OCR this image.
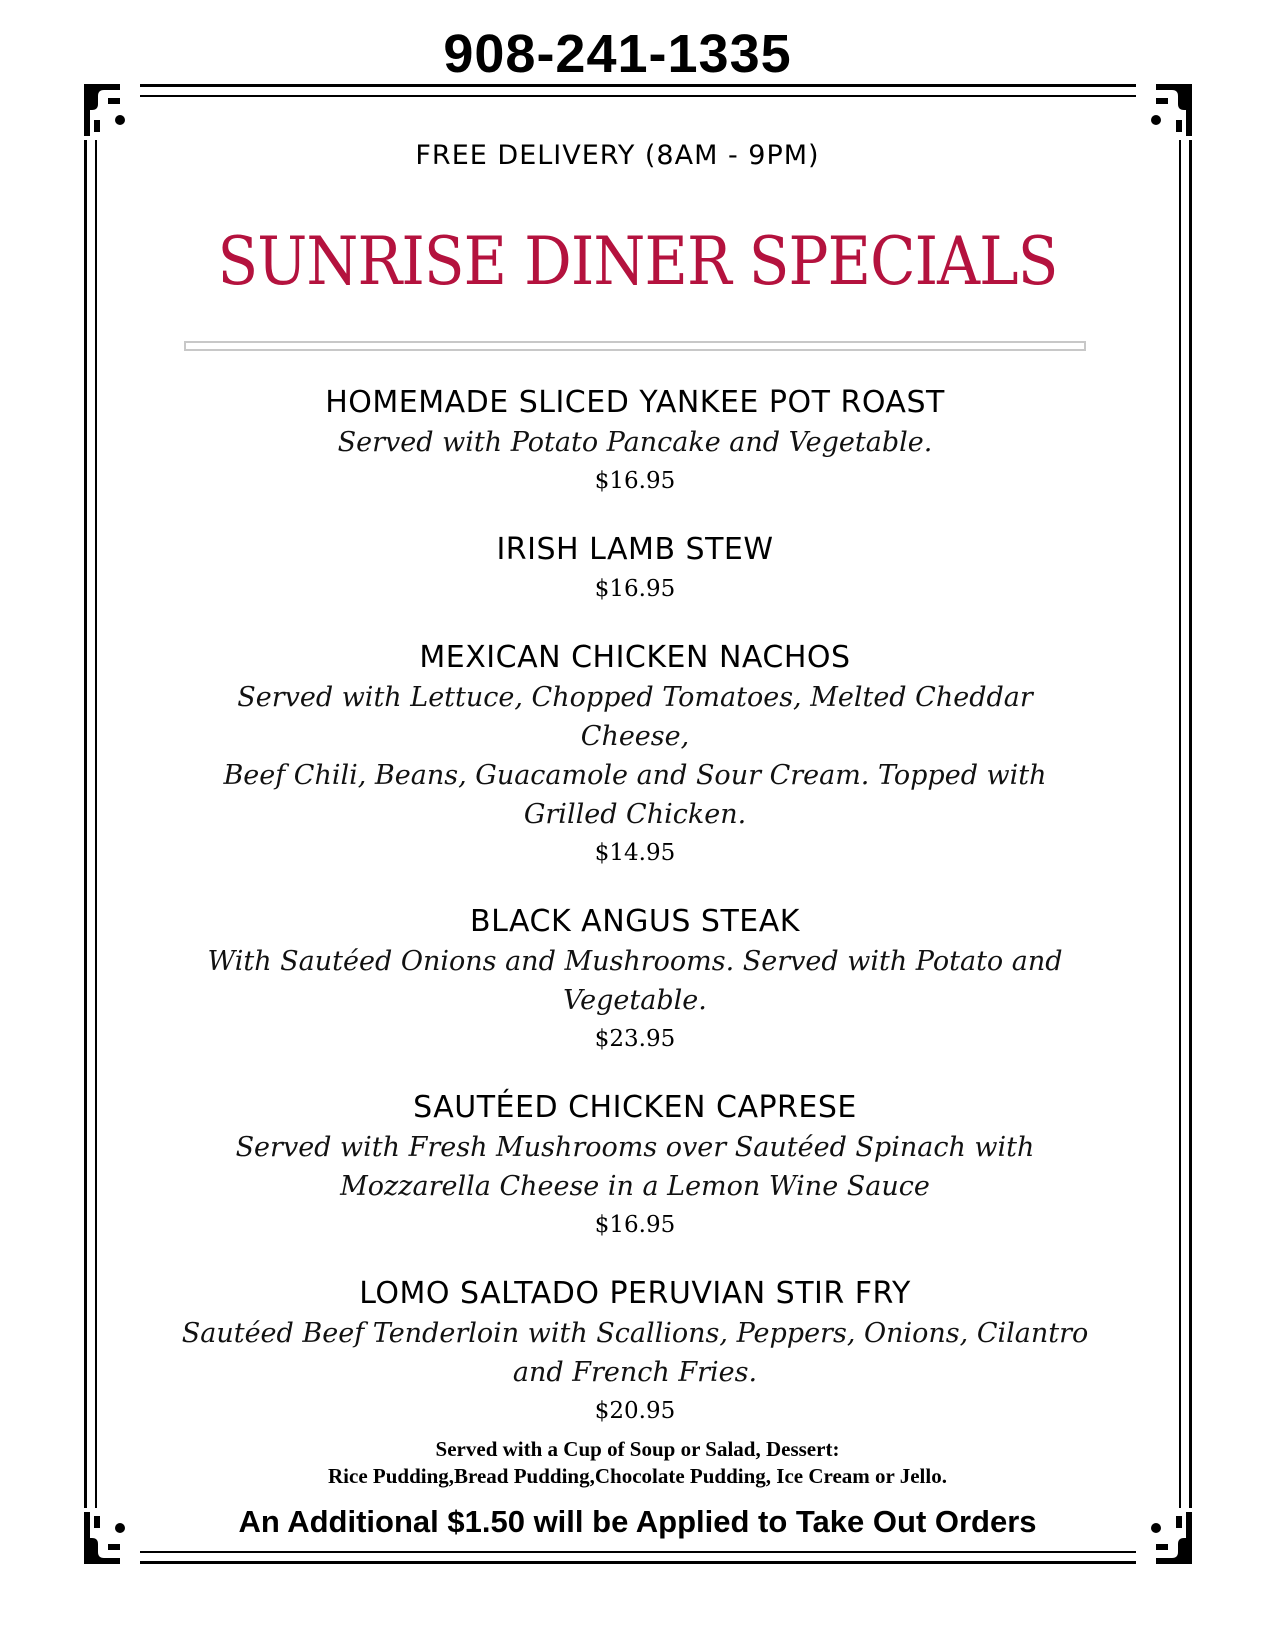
908-241-1335
FREE DELIVERY (8AM - 9PM)
SUNRISE DINER SPECIALS
HOMEMADE SLICED YANKEE POT ROAST
Served with Potato Pancake and Vegetable.
$16.95
IRISH LAMB STEW
$16.95
MEXICAN CHICKEN NACHOS
Served with Lettuce, Chopped Tomatoes, Melted Cheddar Cheese,
Beef Chili, Beans, Guacamole and Sour Cream. Topped with
Grilled Chicken.
$14.95
BLACK ANGUS STEAK
With Sautéed Onions and Mushrooms. Served with Potato and
Vegetable.
$23.95
SAUTÉED CHICKEN CAPRESE
Served with Fresh Mushrooms over Sautéed Spinach with
Mozzarella Cheese in a Lemon Wine Sauce
$16.95
LOMO SALTADO PERUVIAN STIR FRY
Sautéed Beef Tenderloin with Scallions, Peppers, Onions, Cilantro
and French Fries.
$20.95
Served with a Cup of Soup or Salad, Dessert:
Rice Pudding,Bread Pudding,Chocolate Pudding, Ice Cream or Jello.
An Additional $1.50 will be Applied to Take Out Orders
